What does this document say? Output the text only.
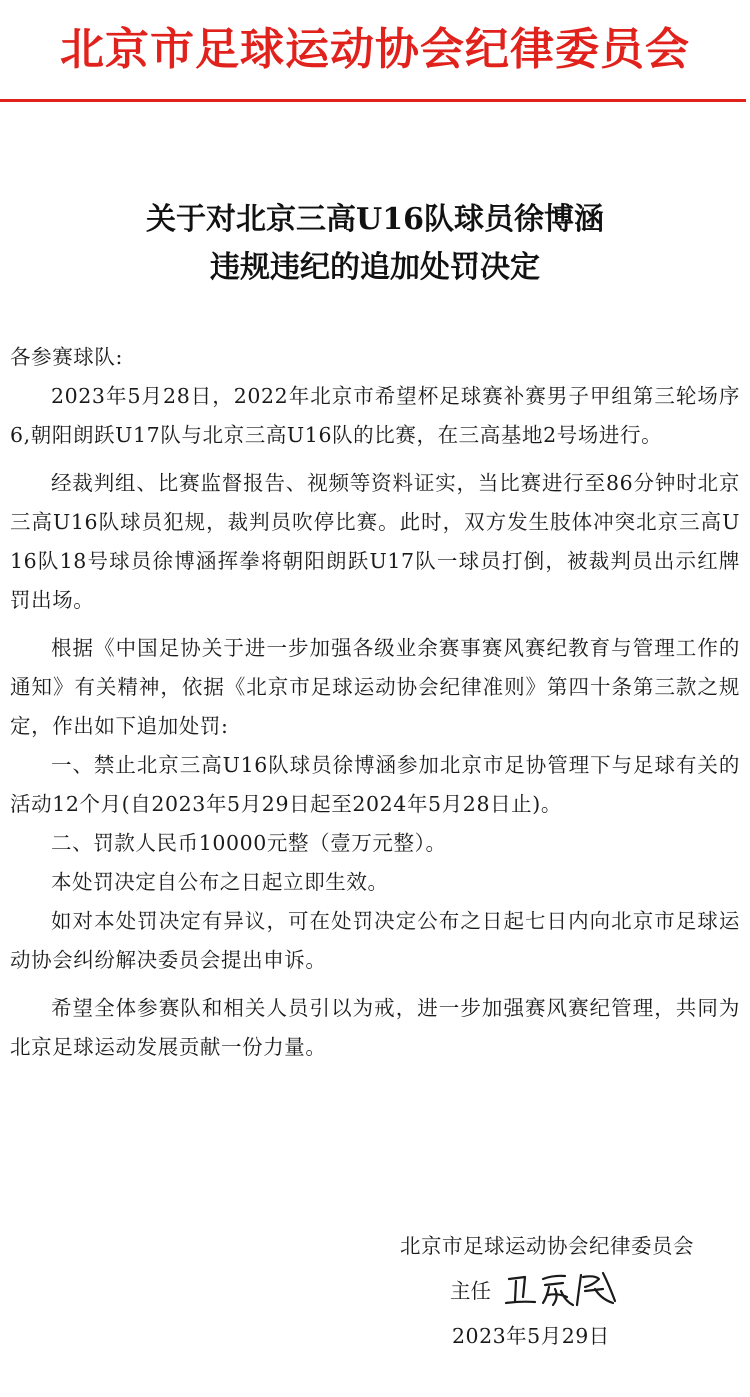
北京市足球运动协会纪律委员会
关于对北京三高U16队球员徐博涵
违规违纪的追加处罚决定

各参赛球队:

2023年5月28日，2022年北京市希望杯足球赛补赛男子甲组第三轮场序6,朝阳朗跃U17队与北京三高U16队的比赛，在三高基地2号场进行。

经裁判组、比赛监督报告、视频等资料证实，当比赛进行至86分钟时北京三高U16队球员犯规，裁判员吹停比赛。此时，双方发生肢体冲突北京三高U16队18号球员徐博涵挥拳将朝阳朗跃U17队一球员打倒，被裁判员出示红牌罚出场。

根据《中国足协关于进一步加强各级业余赛事赛风赛纪教育与管理工作的通知》有关精神，依据《北京市足球运动协会纪律准则》第四十条第三款之规定，作出如下追加处罚:

一、禁止北京三高U16队球员徐博涵参加北京市足协管理下与足球有关的活动12个月(自2023年5月29日起至2024年5月28日止)。

二、罚款人民币10000元整（壹万元整）。

本处罚决定自公布之日起立即生效。

如对本处罚决定有异议，可在处罚决定公布之日起七日内向北京市足球运动协会纠纷解决委员会提出申诉。

希望全体参赛队和相关人员引以为戒，进一步加强赛风赛纪管理，共同为北京足球运动发展贡献一份力量。

北京市足球运动协会纪律委员会
主任
2023年5月29日
